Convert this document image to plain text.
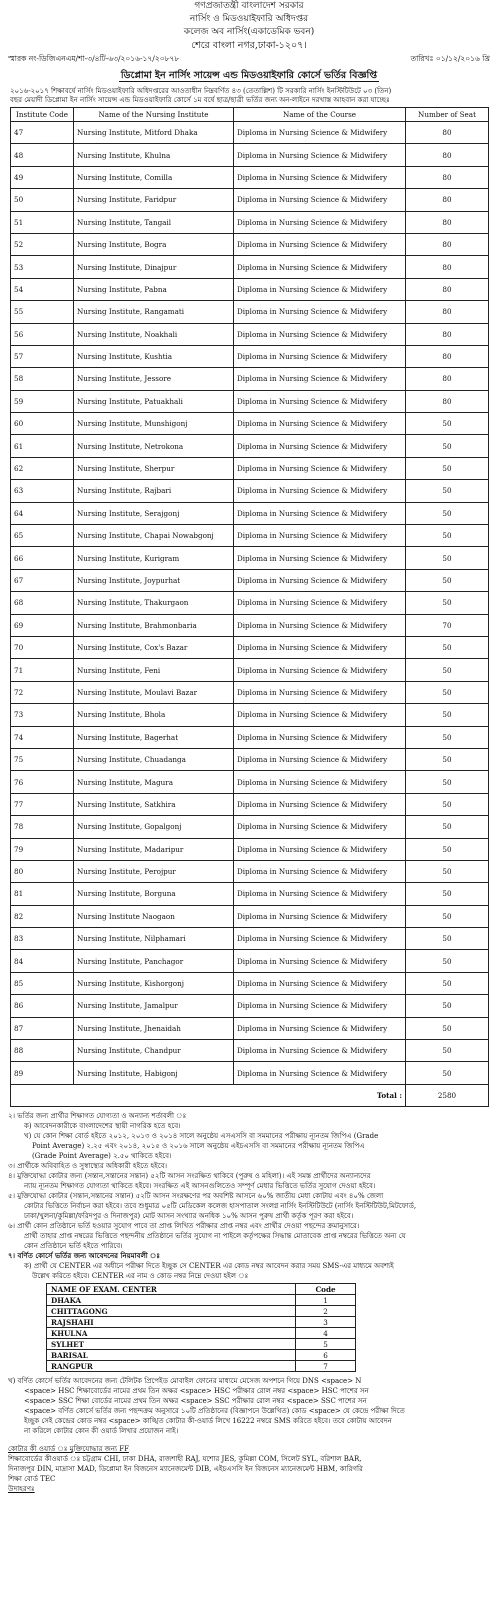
গণপ্রজাতন্ত্রী বাংলাদেশ সরকার
নার্সিং ও মিডওয়াইফারি অধিদপ্তর
কলেজ অব নার্সিং(একাডেমিক ভবন)
শেরে বাংলা নগর,ঢাকা-১২০৭।
স্মারক নং-ডিজিএনএম/শা-৩/৪টি-৬৩/২০১৬-১৭/২০৮৭৮	তারিখঃ ০১/১২/২০১৬ খ্রি
ডিপ্লোমা ইন নার্সিং সায়েন্স এন্ড মিডওয়াইফারি কোর্সে ভর্তির বিজ্ঞপ্তি
২০১৬-২০১৭ শিক্ষাবর্ষে নার্সিং মিডওয়াইফারি অধিদপ্তরের আওতাধীন নিম্নবর্ণিত ৪৩ (তেতাল্লিশ) টি সরকারি নার্সিং ইনস্টিটিউটে ০৩ (তিন)
বছর মেয়াদী ডিপ্লোমা ইন নার্সিং সায়েন্স এন্ড মিডওয়াইফারি কোর্সে ১ম বর্ষে ছাত্র/ছাত্রী ভর্তির জন্য অন-লাইনে দরখাস্ত আহবান করা যাচ্ছেঃ
Institute Code	Name of the Nursing Institute	Name of the Course	Number of Seat
47	Nursing Institute, Mitford Dhaka	Diploma in Nursing Science & Midwifery	80
48	Nursing Institute, Khulna	Diploma in Nursing Science & Midwifery	80
49	Nursing Institute, Comilla	Diploma in Nursing Science & Midwifery	80
50	Nursing Institute, Faridpur	Diploma in Nursing Science & Midwifery	80
51	Nursing Institute, Tangail	Diploma in Nursing Science & Midwifery	80
52	Nursing Institute, Bogra	Diploma in Nursing Science & Midwifery	80
53	Nursing Institute, Dinajpur	Diploma in Nursing Science & Midwifery	80
54	Nursing Institute, Pabna	Diploma in Nursing Science & Midwifery	80
55	Nursing Institute, Rangamati	Diploma in Nursing Science & Midwifery	80
56	Nursing Institute, Noakhali	Diploma in Nursing Science & Midwifery	80
57	Nursing Institute, Kushtia	Diploma in Nursing Science & Midwifery	80
58	Nursing Institute, Jessore	Diploma in Nursing Science & Midwifery	80
59	Nursing Institute, Patuakhali	Diploma in Nursing Science & Midwifery	80
60	Nursing Institute, Munshigonj	Diploma in Nursing Science & Midwifery	50
61	Nursing Institute, Netrokona	Diploma in Nursing Science & Midwifery	50
62	Nursing Institute, Sherpur	Diploma in Nursing Science & Midwifery	50
63	Nursing Institute, Rajbari	Diploma in Nursing Science & Midwifery	50
64	Nursing Institute, Serajgonj	Diploma in Nursing Science & Midwifery	50
65	Nursing Institute, Chapai Nowabgonj	Diploma in Nursing Science & Midwifery	50
66	Nursing Institute, Kurigram	Diploma in Nursing Science & Midwifery	50
67	Nursing Institute, Joypurhat	Diploma in Nursing Science & Midwifery	50
68	Nursing Institute, Thakurgaon	Diploma in Nursing Science & Midwifery	50
69	Nursing Institute, Brahmonbaria	Diploma in Nursing Science & Midwifery	70
70	Nursing Institute, Cox's Bazar	Diploma in Nursing Science & Midwifery	50
71	Nursing Institute, Feni	Diploma in Nursing Science & Midwifery	50
72	Nursing Institute, Moulavi Bazar	Diploma in Nursing Science & Midwifery	50
73	Nursing Institute, Bhola	Diploma in Nursing Science & Midwifery	50
74	Nursing Institute, Bagerhat	Diploma in Nursing Science & Midwifery	50
75	Nursing Institute, Chuadanga	Diploma in Nursing Science & Midwifery	50
76	Nursing Institute, Magura	Diploma in Nursing Science & Midwifery	50
77	Nursing Institute, Satkhira	Diploma in Nursing Science & Midwifery	50
78	Nursing Institute, Gopalgonj	Diploma in Nursing Science & Midwifery	50
79	Nursing Institute, Madaripur	Diploma in Nursing Science & Midwifery	50
80	Nursing Institute, Perojpur	Diploma in Nursing Science & Midwifery	50
81	Nursing Institute, Borguna	Diploma in Nursing Science & Midwifery	50
82	Nursing Institute Naogaon	Diploma in Nursing Science & Midwifery	50
83	Nursing Institute, Nilphamari	Diploma in Nursing Science & Midwifery	50
84	Nursing Institute, Panchagor	Diploma in Nursing Science & Midwifery	50
85	Nursing Institute, Kishorgonj	Diploma in Nursing Science & Midwifery	50
86	Nursing Institute, Jamalpur	Diploma in Nursing Science & Midwifery	50
87	Nursing Institute, Jhenaidah	Diploma in Nursing Science & Midwifery	50
88	Nursing Institute, Chandpur	Diploma in Nursing Science & Midwifery	50
89	Nursing Institute, Habigonj	Diploma in Nursing Science & Midwifery	50
		Total :	2580

২। ভর্তির জন্য প্রার্থীর শিক্ষাগত যোগ্যতা ও অন্যান্য শর্তাবলী ঃ

ক) আবেদনকারীকে বাংলাদেশের স্থায়ী নাগরিক হতে হবে।

খ) যে কোন শিক্ষা বোর্ড হইতে ২০১২, ২০১৩ ও ২০১৪ সালে অনুষ্ঠেয় এসএসসি বা সমমানের পরীক্ষায় ন্যূনতম জিপিএ (Grade

Point Average) ২.২৫ এবং ২০১৪, ২০১৫ ও ২০১৬ সালে অনুষ্ঠেয় এইচএসসি বা সমমানের পরীক্ষায় ন্যূনতম জিপিএ

(Grade Point Average) ২.৫০ থাকিতে হইবে।

৩। প্রার্থীকে অবিবাহিত ও সুস্বাস্থ্যের অধিকারী হইতে হইবে।

৪। মুক্তিযোদ্ধা কোটার জন্য (সন্তান,সন্তানের সন্তান) ৫২টি আসন সংরক্ষিত থাকিবে (পুরুষ ও মহিলা)। এই সমস্ত প্রার্থীদের অন্যান্যদের

ন্যায় ন্যূনতম শিক্ষাগত যোগ্যতা থাকিতে হইবে। সংরক্ষিত এই আসনগুলিতেও সম্পূর্ণ মেধার ভিত্তিতে ভর্তির সুযোগ দেওয়া হইবে।

৫। মুক্তিযোদ্ধা কোটার (সন্তান,সন্তানের সন্তান) ৫২টি আসন সংরক্ষণের পর অবশিষ্ট আসনে ৬০% জাতীয় মেধা কোটায় এবং ৪০% জেলা

কোটার ভিত্তিতে নির্বাচন করা হইবে। তবে শুধুমাত্র ০৫টি মেডিকেল কলেজ হাসপাতাল সংলগ্ন নার্সিং ইনস্টিটিউটে (নার্সিং ইনস্টিটিউট,মিটফোর্ড,

ঢাকা/খুলনা/কুমিল্লা/ফরিদপুর ও দিনাজপুর) মোট আসন সংখ্যার অনধিক ১০% আসন পুরুষ প্রার্থী কর্তৃক পূরণ করা হইবে।

৬। প্রার্থী কোন প্রতিষ্ঠানে ভর্তি হওয়ার সুযোগ পাবে তা প্রাপ্ত লিখিত পরীক্ষার প্রাপ্ত নম্বর এবং প্রার্থীর দেওয়া পছন্দের ক্রমানুসারে।

প্রার্থী তাহার প্রাপ্ত নম্বরের ভিত্তিতে পছন্দনীয় প্রতিষ্ঠানে ভর্তির সুযোগ না পাইলে কর্তৃপক্ষের সিদ্ধান্ত মোতাবেক প্রাপ্ত নম্বরের ভিত্তিতে অন্য যে

কোন প্রতিষ্ঠানে ভর্তি হইতে পারিবে।

৭। বর্ণিত কোর্সে ভর্তির জন্য আবেদনের নিয়মাবলী ঃ

ক) প্রার্থী যে CENTER এর অধীনে পরীক্ষা দিতে ইচ্ছুক সে CENTER এর কোড নম্বর আবেদন করার সময় SMS-এর মাধ্যমে অবশ্যই

উল্লেখ করিতে হইবে। CENTER এর নাম ও কোড নম্বর নিম্নে দেওয়া হইল ঃ

NAME OF EXAM. CENTER	Code
DHAKA	1
CHITTAGONG	2
RAJSHAHI	3
KHULNA	4
SYLHET	5
BARISAL	6
RANGPUR	7

খ) বর্ণিত কোর্সে ভর্তির আবেদনের জন্য টেলিটক প্রিপেইড মোবাইল ফোনের মাধ্যমে মেসেজ অপশনে গিয়ে DNS <space> N

<space> HSC শিক্ষাবোর্ডের নামের প্রথম তিন অক্ষর <space> HSC পরীক্ষার রোল নম্বর <space> HSC পাশের সন

<space> SSC শিক্ষা বোর্ডের নামের প্রথম তিন অক্ষর <space> SSC পরীক্ষার রোল নম্বর <space> SSC পাশের সন

<space> বর্ণিত কোর্সে ভর্তির জন্য পছন্দক্রম অনুসারে ১০টি প্রতিষ্ঠানের (বিজ্ঞাপনে উল্লেখিত) কোড <space> যে কেন্দ্রে পরীক্ষা দিতে

ইচ্ছুক সেই কেন্দ্রের কোড নম্বর <space> কাঙ্খিত কোটার কী-ওয়ার্ড লিখে 16222 নম্বরে SMS করিতে হইবে। তবে কোটায় আবেদন

না করিলে কোটার কোন কী ওয়ার্ড লিখার প্রয়োজন নাই।

কোটার কী ওয়ার্ড ঃ মুক্তিযোদ্ধার জন্য FF

শিক্ষাবোর্ডের কীওয়ার্ড ঃ চট্টগ্রাম CHI, ঢাকা DHA, রাজশাহী RAJ, যশোর JES, কুমিল্লা COM, সিলেট SYL, বরিশাল BAR,

দিনাজপুর DIN, মাদ্রাসা MAD, ডিপ্লোমা ইন বিজনেস ম্যানেজমেন্ট DIB, এইচএসসি ইন বিজনেস ম্যানেজমেন্ট HBM, কারিগরি

শিক্ষা বোর্ড TEC

উদাহরণঃ
